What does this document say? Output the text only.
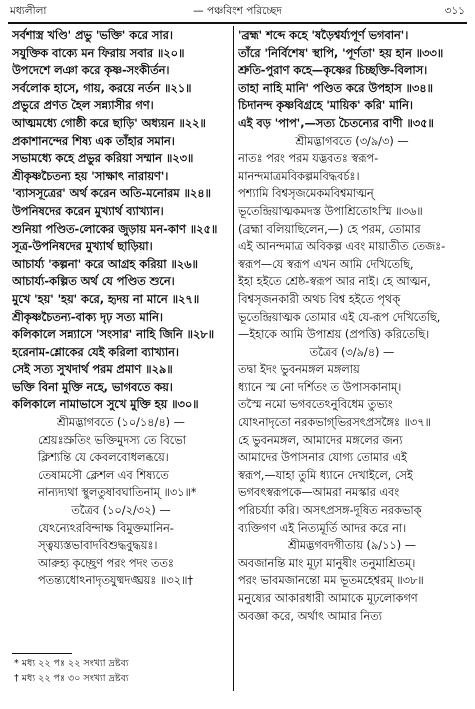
মধ্যলীলা	— পঞ্চবিংশ পরিচ্ছেদ	৩১১
সর্বশাস্ত্র খণ্ডি' প্রভু 'ভক্তি' করে সার।
সযুক্তিক বাক্যে মন ফিরায় সবার ॥২০॥
উপদেশে লঞা করে কৃষ্ণ-সংকীর্তন।
সর্বলোক হাসে, গায়, করয়ে নর্তন ॥২১॥
প্রভুরে প্রণত হৈল সন্ন্যাসীর গণ।
আত্মমধ্যে গোষ্ঠী করে ছাড়ি' অধ্যয়ন ॥২২॥
প্রকাশানন্দের শিষ্য এক তাঁহার সমান।
সভামধ্যে কহে প্রভুর করিয়া সম্মান ॥২৩॥
শ্রীকৃষ্ণচৈতন্য হয় 'সাক্ষাৎ নারায়ণ'।
'ব্যাসসূত্রের' অর্থ করেন অতি-মনোরম ॥২৪॥
উপনিষদের করেন মুখ্যার্থ ব্যাখ্যান।
শুনিয়া পণ্ডিত-লোকের জুড়ায় মন-কাণ ॥২৫॥
সূত্র-উপনিষদের মুখ্যার্থ ছাড়িয়া।
আচার্য্য 'কল্পনা' করে আগ্রহ করিয়া ॥২৬॥
আচার্য্য-কল্পিত অর্থ যে পণ্ডিত শুনে।
মুখে 'হয়' 'হয়' করে, হৃদয় না মানে ॥২৭॥
শ্রীকৃষ্ণচৈতন্য-বাক্য দৃঢ় সত্য মানি।
কলিকালে সন্ন্যাসে 'সংসার' নাহি জিনি ॥২৮॥
হরেনাম-শ্লোকের যেই করিলা ব্যাখ্যান।
সেই সত্য সুখদার্থ পরম প্রমাণ ॥২৯॥
ভক্তি বিনা মুক্তি নহে, ভাগবতে কয়।
কলিকালে নামাভাসে সুখে মুক্তি হয় ॥৩০॥
শ্রীমদ্ভাগবতে (১০/১৪/৪) —
শ্রেয়ঃস্রুতিং ভক্তিমুদস্য তে বিভো
ক্লিশ্যন্তি যে কেবলবোধলব্ধয়ে।
তেষামসৌ ক্লেশল এব শিষ্যতে
নান্যদ্যথা স্থুলতুষাবঘাতিনাম্ ॥৩১॥*
তত্রৈব (১০/২/৩২) —
যেঽন্যেঽরবিন্দাক্ষ বিমুক্তমানিন-
স্ত্বয্যস্তভাবাদবিশুদ্ধবুদ্ধয়ঃ।
আরুহ্য কৃচ্ছ্রেণ পরং পদং ততঃ
পতন্ত্যধোঽনাদৃতযুষ্মদঙ্ঘ্রয়ঃ ॥৩২॥†
'ব্রহ্ম' শব্দে কহে 'ষড়ৈশ্বর্য্যপূর্ণ ভগবান'।
তাঁরে 'নির্বিশেষ' স্থাপি, 'পূর্ণতা' হয় হান ॥৩৩॥
শ্রুতি-পুরাণ কহে—কৃষ্ণের চিচ্ছক্তি-বিলাস।
তাহা নাহি মানি' পণ্ডিত করে উপহাস ॥৩৪॥
চিদানন্দ কৃষ্ণবিগ্রহে 'মায়িক' করি' মানি।
এই বড় 'পাপ',—সত্য চৈতন্যের বাণী ॥৩৫॥
শ্রীমদ্ভাগবতে (৩/৯/৩) —
নাতঃ পরং পরম যদ্ভবতঃ স্বরূপ-
মানন্দমাত্রমবিকল্পমবিদ্ধবর্চঃ।
পশ্যামি বিশ্বসৃজমেকমবিশ্বমাত্মন্
ভূতেন্দ্রিয়াত্মকমদস্ত উপাশ্রিতোঽস্মি ॥৩৬॥
(ব্রহ্মা বলিয়াছিলেন,—) হে পরম, তোমার
এই আনন্দমাত্র অবিকল্প এবং মায়াতীত তেজঃ-
স্বরূপ—যে স্বরূপ এখন আমি দেখিতেছি,
ইহা হইতে শ্রেষ্ঠ-স্বরূপ আর নাই। হে আত্মন,
বিশ্বসৃজনকারী অথচ বিশ্ব হইতে পৃথক্
ভূতেন্দ্রিয়াত্মক তোমার এই যে-রূপ দেখিতেছি,
—ইহাকে আমি উপাশ্রয় (প্রপত্তি) করিতেছি।
তত্রৈব (৩/৯/৪) —
তদ্বা ইদং ভুবনমঙ্গল মঙ্গলায়
ধ্যানে স্ম নো দর্শিতং ত উপাসকানাম্।
তস্মৈ নমো ভগবতেঽনুবিধেম তুভ্যং
যোঽনাদৃতো নরকভাগ্‌ভিরসৎপ্রসঙ্গৈঃ ॥৩৭॥
হে ভুবনমঙ্গল, আমাদের মঙ্গলের জন্য
আমাদের উপাসনার যোগ্য তোমার এই
স্বরূপ,—যাহা তুমি ধ্যানে দেখাইলে, সেই
ভগবৎস্বরূপকে—আমরা নমস্কার এবং
পরিচর্য্যা করি। অসৎপ্রসঙ্গ-দূষিত নরকভাক্
ব্যক্তিগণ এই নিত্যমূর্তি আদর করে না।
শ্রীমদ্ভগবদগীতায় (৯/১১) —
অবজানন্তি মাং মূঢ়া মানুষীং তনুমাশ্রিতম্।
পরং ভাবমজানন্তো মম ভূতমহেশ্বরম্ ॥৩৮॥
মনুষ্যের আকারধারী আমাকে মূঢ়লোকগণ
অবজ্ঞা করে, অর্থাৎ আমার নিত্য
* মধ্য ২২ পঃ ২২ সংখ্যা দ্রষ্টব্য
† মধ্য ২২ পঃ ৩০ সংখ্যা দ্রষ্টব্য
